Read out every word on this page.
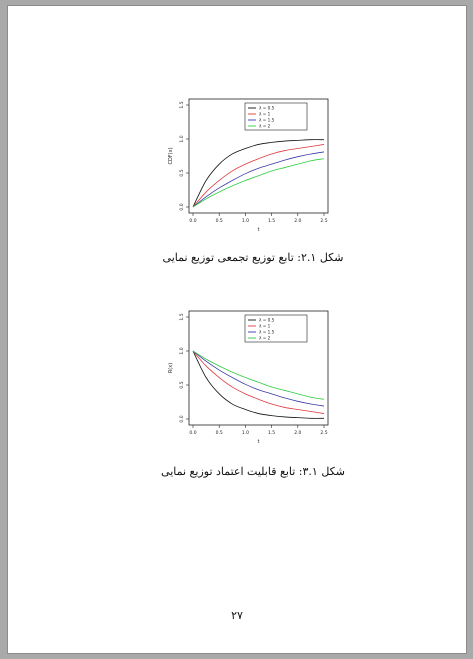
0.0	0.5	1.0	1.5	2.0	2.5
0.0
0.5
1.0
1.5
t
CDF(x)
λ = 0.5
λ = 1
λ = 1.5
λ = 2
شکل ۲.۱: تابع توزیع تجمعی توزیع نمایی
0.0	0.5	1.0	1.5	2.0	2.5
0.0
0.5
1.0
1.5
t
R(x)
λ = 0.5
λ = 1
λ = 1.5
λ = 2
شکل ۳.۱: تابع قابلیت اعتماد توزیع نمایی
۲۷
